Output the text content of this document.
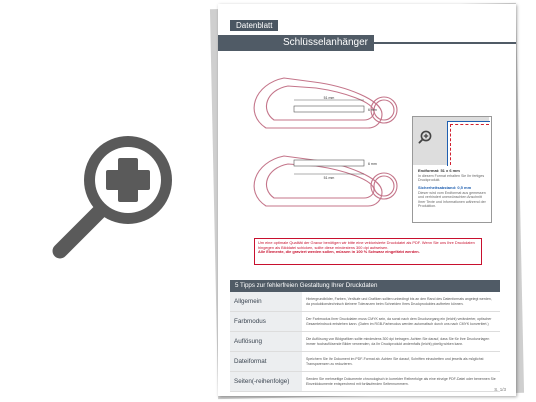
Datenblatt
Schlüsselanhänger
51 mm
6 mm
51 mm
6 mm

Endformat: 51 x 6 mm

In diesem Format erhalten Sie Ihr fertiges Druckprodukt.

Sicherheitsabstand: 0,5 mm

Dieser wird vom Endformat aus gemessen und verhindert unerwünschten Anschnitt Ihrer Texte und Informationen während der Produktion.

Um eine optimale Qualität der Gravur benötigen wir bitte eine vektorisierte Druckdatei als PDF. Wenn Sie uns Ihre Druckdaten hingegen als Bilddatei schicken, sollte diese mindestens 300 dpi aufweisen.
Alle Elemente, die graviert werden sollen, müssen in 100 % Schwarz eingefärbt werden.
5 Tipps zur fehlerfreien Gestaltung Ihrer Druckdaten
Allgemein	Hintergrundbilder, Farben, Verläufe und Grafiken sollten unbedingt bis an den Rand des Datenformats angelegt werden, da produktionstechnisch kleinere Toleranzen beim Schneiden Ihres Druckproduktes auftreten können.
Farbmodus	Der Farbmodus Ihrer Druckdaten muss CMYK sein, da sonst nach dem Druckvorgang ein (leicht) veränderter, optischer Gesamteindruck entstehen kann. (Daten im RGB-Farbmodus werden automatisch durch uns nach CMYK konvertiert.)
Auflösung	Die Auflösung von Bildgrafiken sollte mindestens 300 dpi betragen. Achten Sie darauf, dass Sie für Ihre Druckvorlagen immer hochauflösende Bilder verwenden, da Ihr Druckprodukt andernfalls (leicht) pixelig wirken kann.
Dateiformat	Speichern Sie Ihr Dokument im PDF-Format ab. Achten Sie darauf, Schriften einzubetten und jeweils als möglichst Transparenzen zu reduzieren.
Seiten(-reihenfolge)	Senden Sie mehrseitige Dokumente chronologisch in korrekter Reihenfolge als eine einzige PDF-Datei oder benennen Sie Einzeldokumente entsprechend mit fortlaufenden Seitennummern.
S. 1/3
